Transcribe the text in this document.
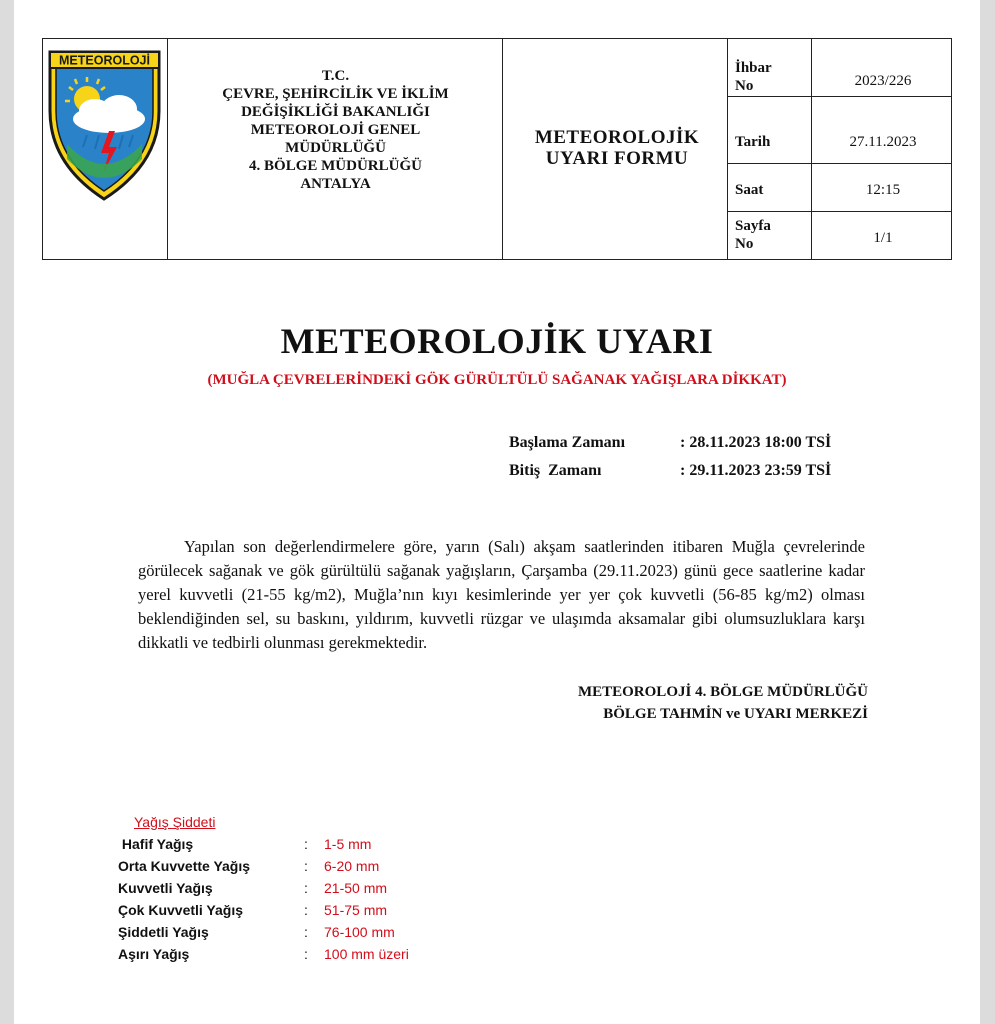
METEOROLOJİ
T.C.
ÇEVRE, ŞEHİRCİLİK VE İKLİM
DEĞİŞİKLİĞİ BAKANLIĞI
METEOROLOJİ GENEL
MÜDÜRLÜĞÜ
4. BÖLGE MÜDÜRLÜĞÜ
ANTALYA
METEOROLOJİK
UYARI FORMU
İhbar
No	2023/226
Tarih	27.11.2023
Saat	12:15
Sayfa
No	1/1
METEOROLOJİK UYARI
(MUĞLA ÇEVRELERİNDEKİ GÖK GÜRÜLTÜLÜ SAĞANAK YAĞIŞLARA DİKKAT)
Başlama Zamanı	: 28.11.2023 18:00 TSİ
Bitiş  Zamanı	: 29.11.2023 23:59 TSİ
Yapılan son değerlendirmelere göre, yarın (Salı) akşam saatlerinden itibaren Muğla çevrelerinde görülecek sağanak ve gök gürültülü sağanak yağışların, Çarşamba (29.11.2023) günü gece saatlerine kadar yerel kuvvetli (21-55 kg/m2), Muğla’nın kıyı kesimlerinde yer yer çok kuvvetli (56-85 kg/m2) olması beklendiğinden sel, su baskını, yıldırım, kuvvetli rüzgar ve ulaşımda aksamalar gibi olumsuzluklara karşı dikkatli ve tedbirli olunması gerekmektedir.
METEOROLOJİ 4. BÖLGE MÜDÜRLÜĞÜ
BÖLGE TAHMİN ve UYARI MERKEZİ
Yağış Şiddeti
Hafif Yağış	: 1-5 mm
Orta Kuvvette Yağış	: 6-20 mm
Kuvvetli Yağış	: 21-50 mm
Çok Kuvvetli Yağış	: 51-75 mm
Şiddetli Yağış	: 76-100 mm
Aşırı Yağış	: 100 mm üzeri
